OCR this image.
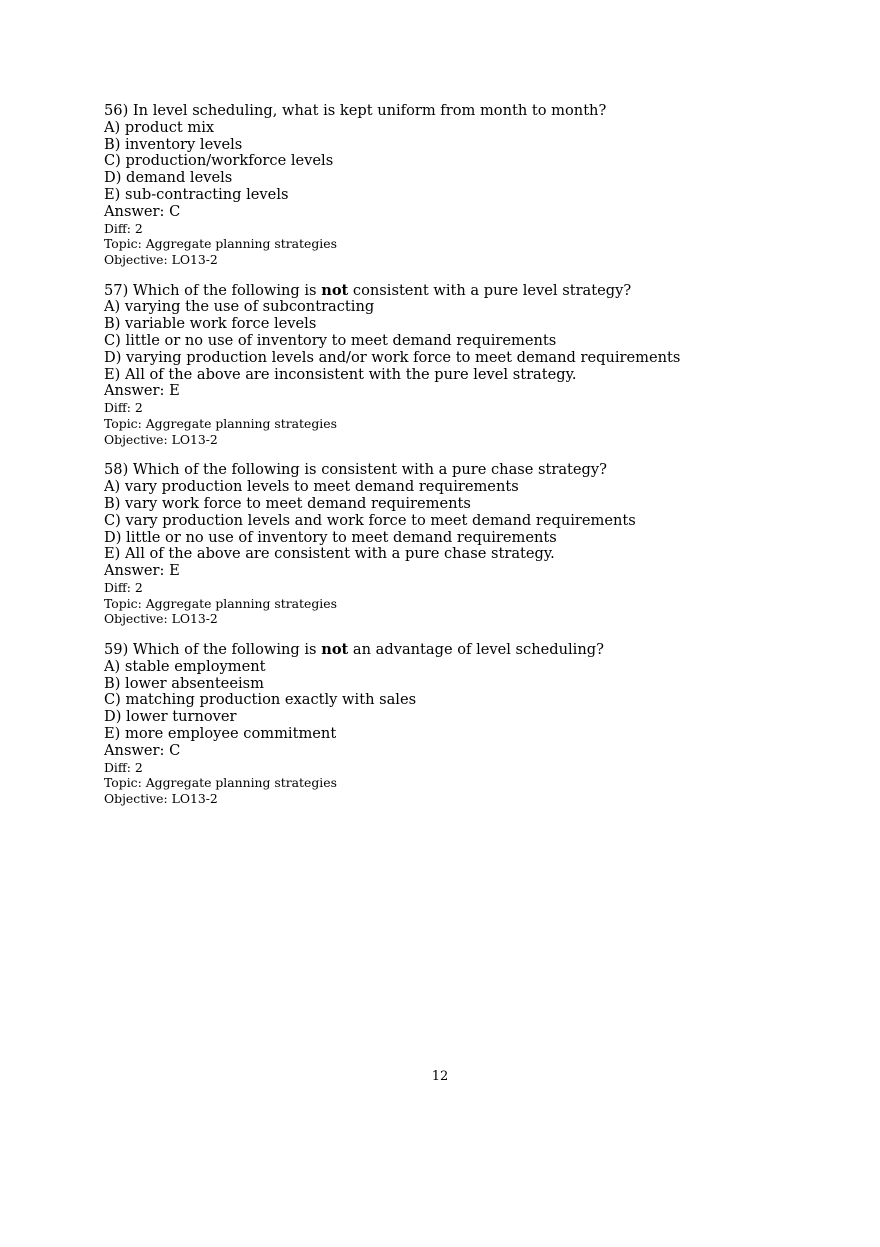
56) In level scheduling, what is kept uniform from month to month?
A) product mix
B) inventory levels
C) production/workforce levels
D) demand levels
E) sub-contracting levels
Answer: C
Diff: 2
Topic: Aggregate planning strategies
Objective: LO13-2
57) Which of the following is not consistent with a pure level strategy?
A) varying the use of subcontracting
B) variable work force levels
C) little or no use of inventory to meet demand requirements
D) varying production levels and/or work force to meet demand requirements
E) All of the above are inconsistent with the pure level strategy.
Answer: E
Diff: 2
Topic: Aggregate planning strategies
Objective: LO13-2
58) Which of the following is consistent with a pure chase strategy?
A) vary production levels to meet demand requirements
B) vary work force to meet demand requirements
C) vary production levels and work force to meet demand requirements
D) little or no use of inventory to meet demand requirements
E) All of the above are consistent with a pure chase strategy.
Answer: E
Diff: 2
Topic: Aggregate planning strategies
Objective: LO13-2
59) Which of the following is not an advantage of level scheduling?
A) stable employment
B) lower absenteeism
C) matching production exactly with sales
D) lower turnover
E) more employee commitment
Answer: C
Diff: 2
Topic: Aggregate planning strategies
Objective: LO13-2
12
